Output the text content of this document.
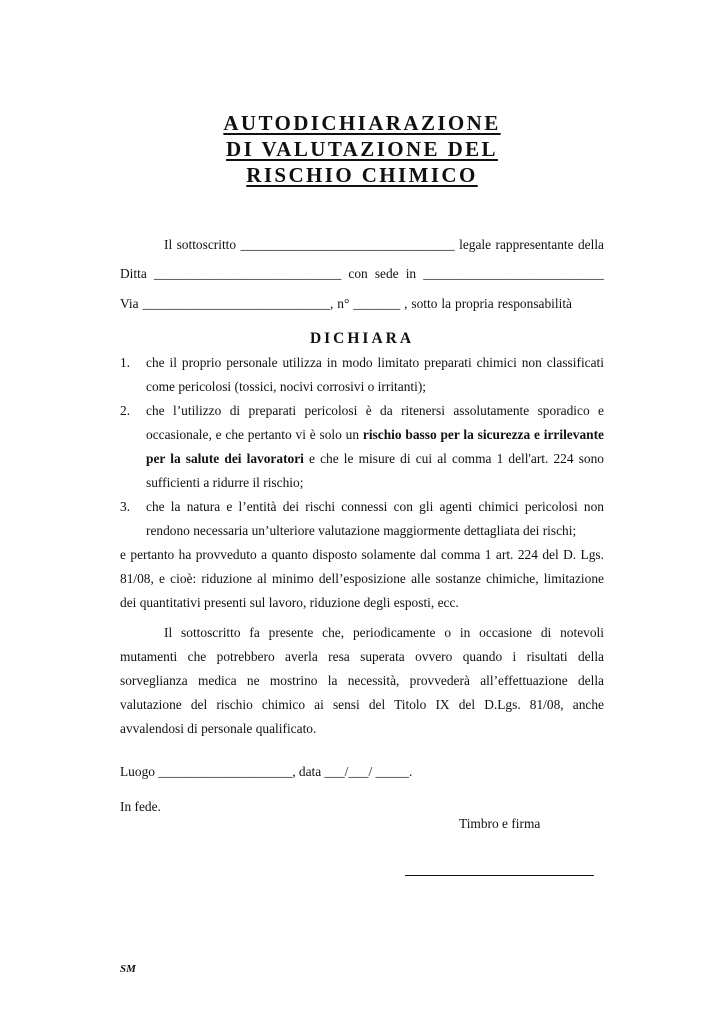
AUTODICHIARAZIONE
DI VALUTAZIONE DEL
RISCHIO CHIMICO
Il sottoscritto ________________________________ legale rappresentante della
Ditta ____________________________ con sede in ___________________________
Via ____________________________, n° _______ , sotto la propria responsabilità
DICHIARA
1. che il proprio personale utilizza in modo limitato preparati chimici non classificati
come pericolosi (tossici, nocivi corrosivi o irritanti);
2. che l’utilizzo di preparati pericolosi è da ritenersi assolutamente sporadico e
occasionale, e che pertanto vi è solo un rischio basso per la sicurezza e irrilevante
per la salute dei lavoratori e che le misure di cui al comma 1 dell'art. 224 sono
sufficienti a ridurre il rischio;
3. che la natura e l’entità dei rischi connessi con gli agenti chimici pericolosi non
rendono necessaria un’ulteriore valutazione maggiormente dettagliata dei rischi;
e pertanto ha provveduto a quanto disposto solamente dal comma 1 art. 224 del D. Lgs.
81/08, e cioè: riduzione al minimo dell’esposizione alle sostanze chimiche, limitazione
dei quantitativi presenti sul lavoro, riduzione degli esposti, ecc.
Il sottoscritto fa presente che, periodicamente o in occasione di notevoli
mutamenti che potrebbero averla resa superata ovvero quando i risultati della
sorveglianza medica ne mostrino la necessità, provvederà all’effettuazione della
valutazione del rischio chimico ai sensi del Titolo IX del D.Lgs. 81/08, anche
avvalendosi di personale qualificato.
Luogo ____________________, data ___/___/ _____.
In fede.
Timbro e firma
SM
